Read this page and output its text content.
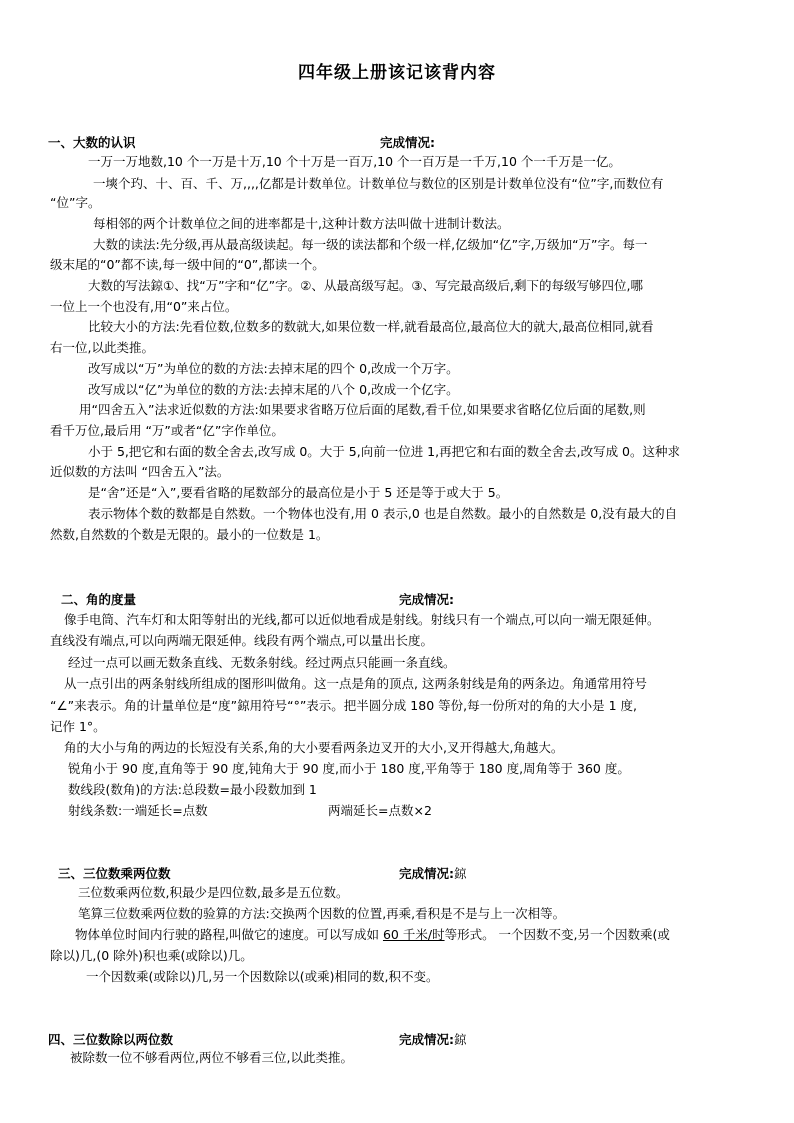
四年级上册该记该背内容
一、大数的认识	完成情况:
一万一万地数,10 个一万是十万,10 个十万是一百万,10 个一百万是一千万,10 个一千万是一亿。
一塽个玓、十、百、千、万,,,,亿都是计数单位。计数单位与数位的区别是计数单位没有“位”字,而数位有
“位”字。
每相邻的两个计数单位之间的进率都是十,这种计数方法叫做十进制计数法。
大数的读法:先分级,再从最高级读起。每一级的读法都和个级一样,亿级加“亿”字,万级加“万”字。每一
级末尾的“0”都不读,每一级中间的“0”,都读一个。
大数的写法鍄①、找“万”字和“亿”字。②、从最高级写起。③、写完最高级后,剩下的每级写够四位,哪
一位上一个也没有,用“0”来占位。
比较大小的方法:先看位数,位数多的数就大,如果位数一样,就看最高位,最高位大的就大,最高位相同,就看
右一位,以此类推。
改写成以“万”为单位的数的方法:去掉末尾的四个 0,改成一个万字。
改写成以“亿”为单位的数的方法:去掉末尾的八个 0,改成一个亿字。
用“四舍五入”法求近似数的方法:如果要求省略万位后面的尾数,看千位,如果要求省略亿位后面的尾数,则
看千万位,最后用 “万”或者“亿”字作单位。
小于 5,把它和右面的数全舍去,改写成 0。大于 5,向前一位进 1,再把它和右面的数全舍去,改写成 0。这种求
近似数的方法叫 “四舍五入”法。
是“舍”还是“入”,要看省略的尾数部分的最高位是小于 5 还是等于或大于 5。
表示物体个数的数都是自然数。一个物体也没有,用 0 表示,0 也是自然数。最小的自然数是 0,没有最大的自
然数,自然数的个数是无限的。最小的一位数是 1。
二、角的度量	完成情况:
像手电筒、汽车灯和太阳等射出的光线,都可以近似地看成是射线。射线只有一个端点,可以向一端无限延伸。
直线没有端点,可以向两端无限延伸。线段有两个端点,可以量出长度。
经过一点可以画无数条直线、无数条射线。经过两点只能画一条直线。
从一点引出的两条射线所组成的图形叫做角。这一点是角的顶点, 这两条射线是角的两条边。角通常用符号
“∠”来表示。角的计量单位是“度”鍄用符号“°”表示。把半圆分成 180 等份,每一份所对的角的大小是 1 度,
记作 1°。
角的大小与角的两边的长短没有关系,角的大小要看两条边叉开的大小,叉开得越大,角越大。
锐角小于 90 度,直角等于 90 度,钝角大于 90 度,而小于 180 度,平角等于 180 度,周角等于 360 度。
数线段(数角)的方法:总段数=最小段数加到 1
射线条数:一端延长=点数	两端延长=点数×2
三、三位数乘两位数	完成情况:鍄
三位数乘两位数,积最少是四位数,最多是五位数。
笔算三位数乘两位数的验算的方法:交换两个因数的位置,再乘,看积是不是与上一次相等。
物体单位时间内行驶的路程,叫做它的速度。可以写成如 60 千米/时等形式。 一个因数不变,另一个因数乘(或
除以)几,(0 除外)积也乘(或除以)几。
一个因数乘(或除以)几,另一个因数除以(或乘)相同的数,积不变。
四、三位数除以两位数	完成情况:鍄
被除数一位不够看两位,两位不够看三位,以此类推。
